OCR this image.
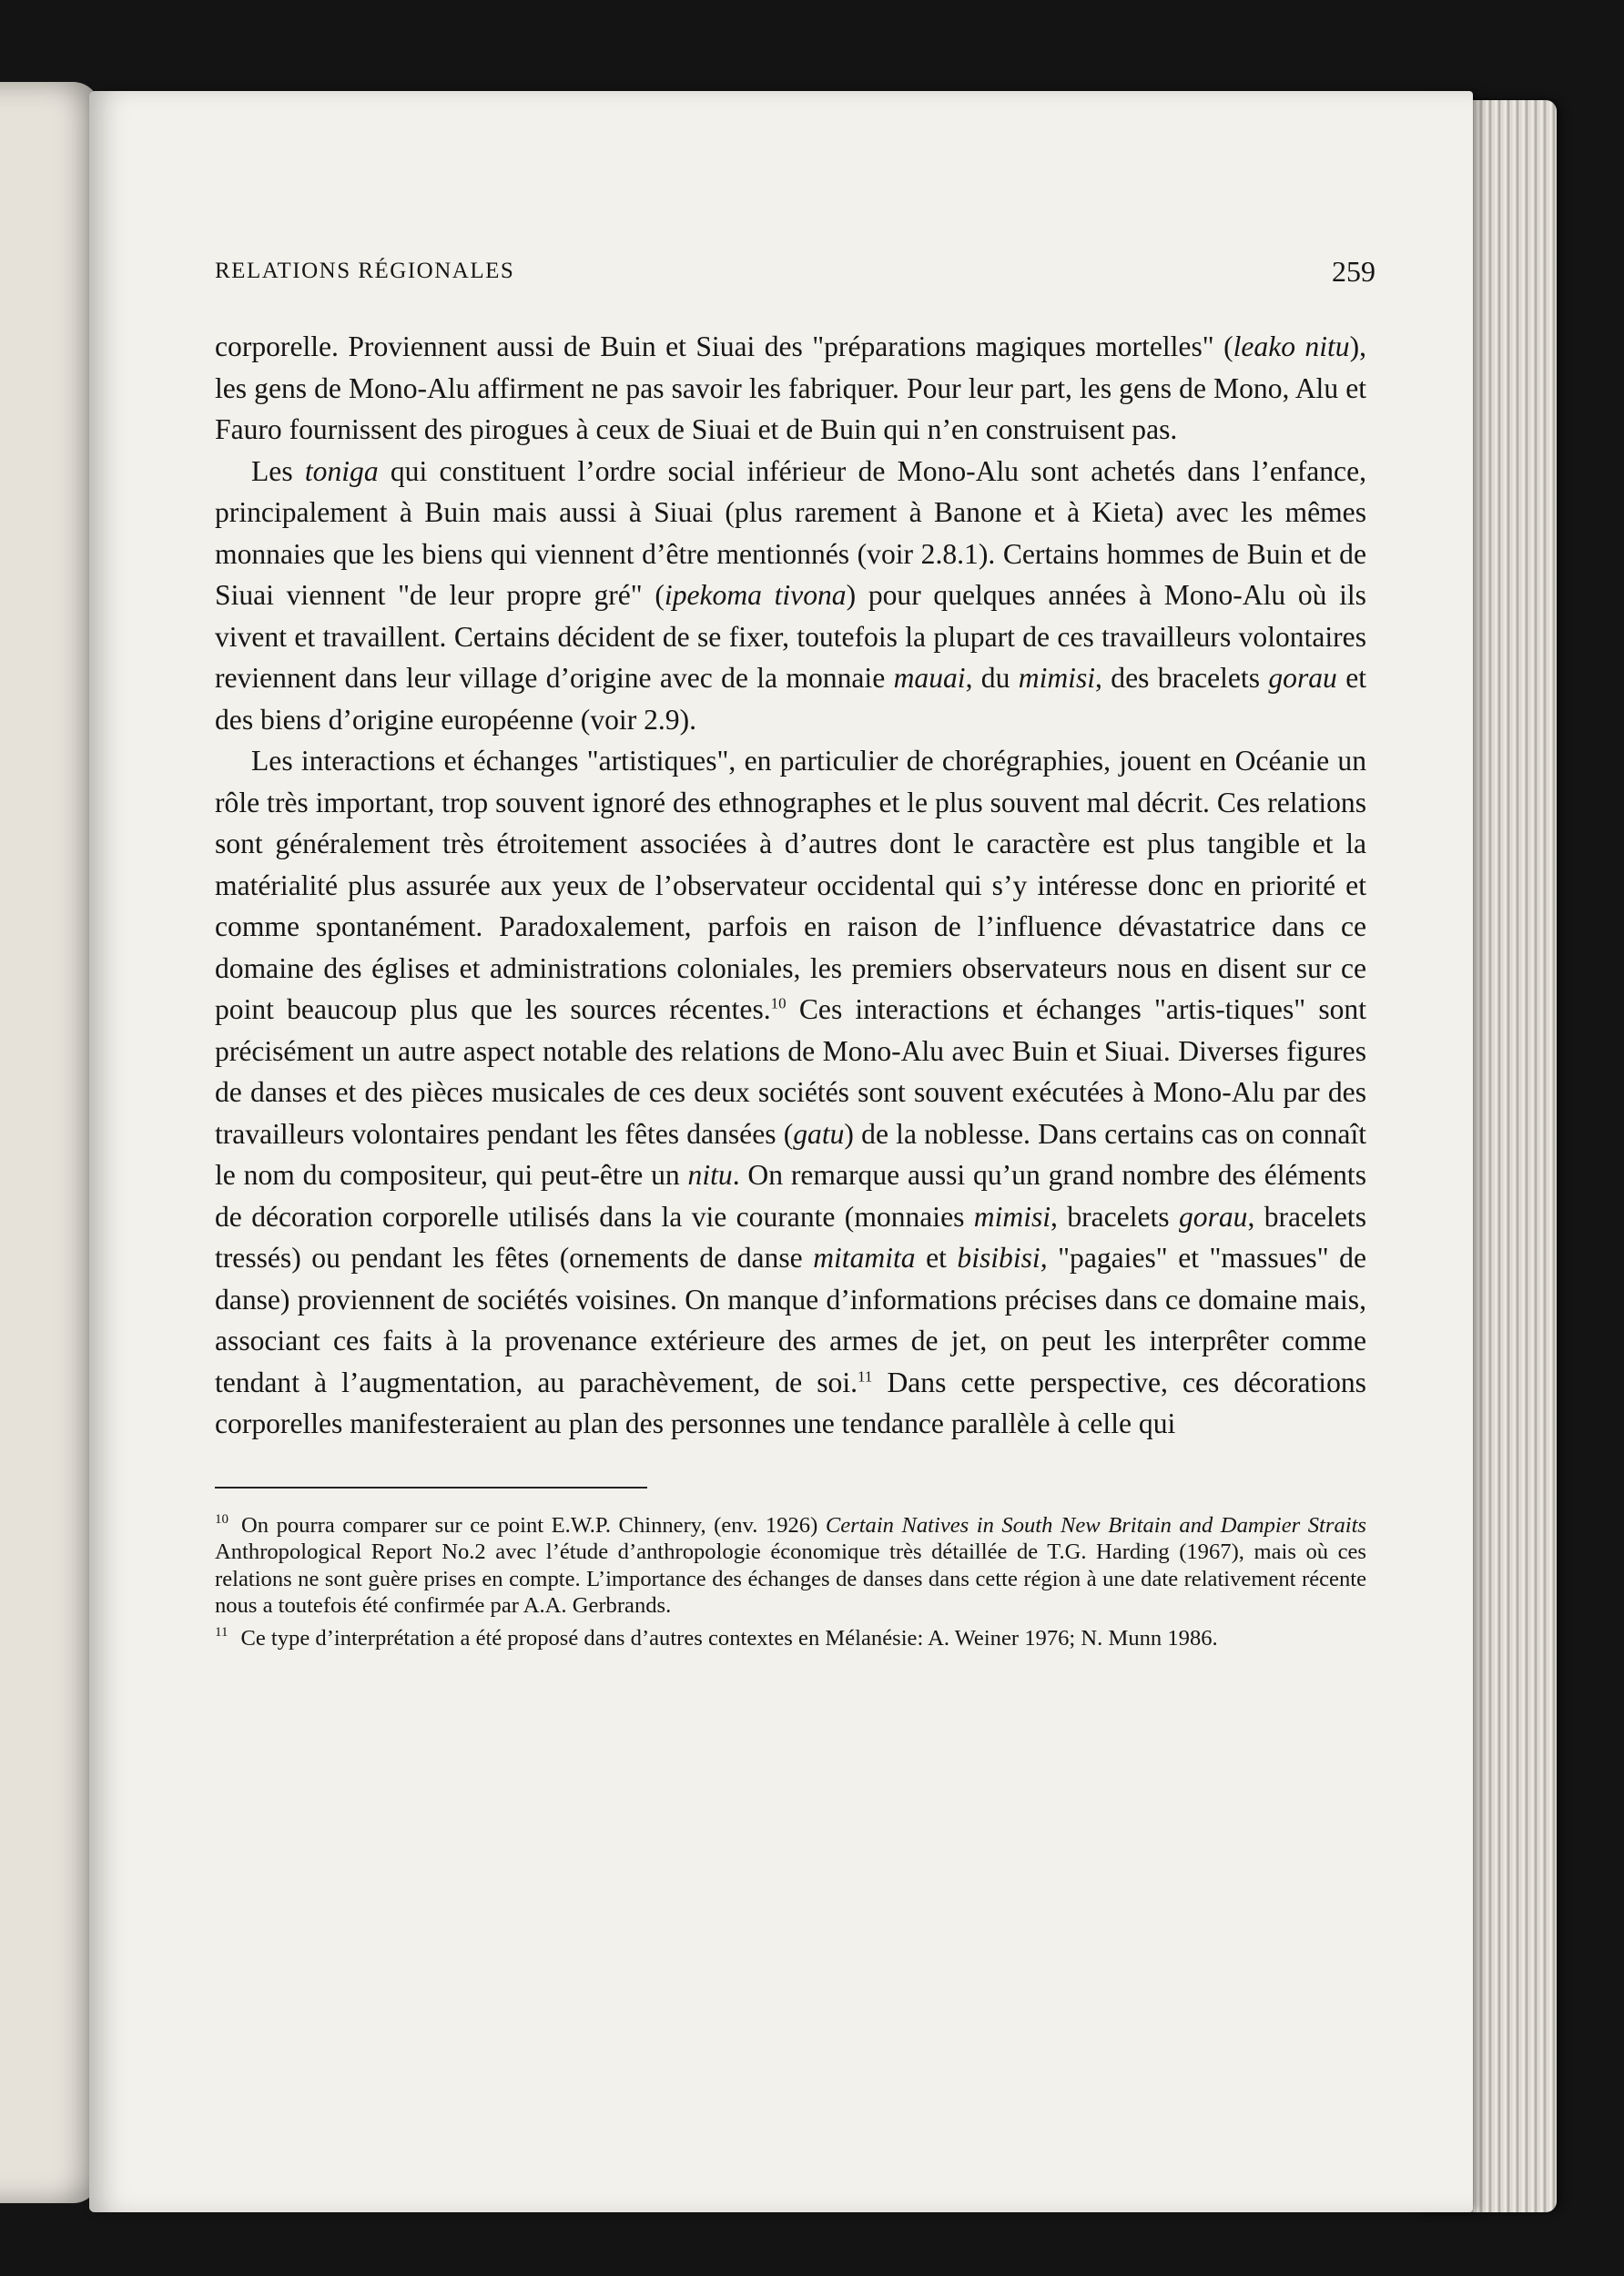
RELATIONS RÉGIONALES	259

corporelle. Proviennent aussi de Buin et Siuai des "préparations magiques mortelles" (leako nitu), les gens de Mono-Alu affirment ne pas savoir les fabriquer. Pour leur part, les gens de Mono, Alu et Fauro fournissent des pirogues à ceux de Siuai et de Buin qui n’en construisent pas.

Les toniga qui constituent l’ordre social inférieur de Mono-Alu sont achetés dans l’enfance, principalement à Buin mais aussi à Siuai (plus rarement à Banone et à Kieta) avec les mêmes monnaies que les biens qui viennent d’être mentionnés (voir 2.8.1). Certains hommes de Buin et de Siuai viennent "de leur propre gré" (ipekoma tivona) pour quelques années à Mono-Alu où ils vivent et travaillent. Certains décident de se fixer, toutefois la plupart de ces travailleurs volontaires reviennent dans leur village d’origine avec de la monnaie mauai, du mimisi, des bracelets gorau et des biens d’origine européenne (voir 2.9).

Les interactions et échanges "artistiques", en particulier de chorégraphies, jouent en Océanie un rôle très important, trop souvent ignoré des ethnographes et le plus souvent mal décrit. Ces relations sont généralement très étroitement associées à d’autres dont le caractère est plus tangible et la matérialité plus assurée aux yeux de l’observateur occidental qui s’y intéresse donc en priorité et comme spontanément. Paradoxalement, parfois en raison de l’influence dévastatrice dans ce domaine des églises et administrations coloniales, les premiers observateurs nous en disent sur ce point beaucoup plus que les sources récentes.$^{10}$ Ces interactions et échanges "artis-tiques" sont précisément un autre aspect notable des relations de Mono-Alu avec Buin et Siuai. Diverses figures de danses et des pièces musicales de ces deux sociétés sont souvent exécutées à Mono-Alu par des travailleurs volontaires pendant les fêtes dansées (gatu) de la noblesse. Dans certains cas on connaît le nom du compositeur, qui peut-être un nitu. On remarque aussi qu’un grand nombre des éléments de décoration corporelle utilisés dans la vie courante (monnaies mimisi, bracelets gorau, bracelets tressés) ou pendant les fêtes (ornements de danse mitamita et bisibisi, "pagaies" et "massues" de danse) proviennent de sociétés voisines. On manque d’informations précises dans ce domaine mais, associant ces faits à la provenance extérieure des armes de jet, on peut les interprêter comme tendant à l’augmentation, au parachèvement, de soi.$^{11}$ Dans cette perspective, ces décorations corporelles manifesteraient au plan des personnes une tendance parallèle à celle qui

$^{10}$ On pourra comparer sur ce point E.W.P. Chinnery, (env. 1926) Certain Natives in South New Britain and Dampier Straits Anthropological Report No.2 avec l’étude d’anthropologie économique très détaillée de T.G. Harding (1967), mais où ces relations ne sont guère prises en compte. L’importance des échanges de danses dans cette région à une date relativement récente nous a toutefois été confirmée par A.A. Gerbrands.

$^{11}$ Ce type d’interprétation a été proposé dans d’autres contextes en Mélanésie: A. Weiner 1976; N. Munn 1986.
